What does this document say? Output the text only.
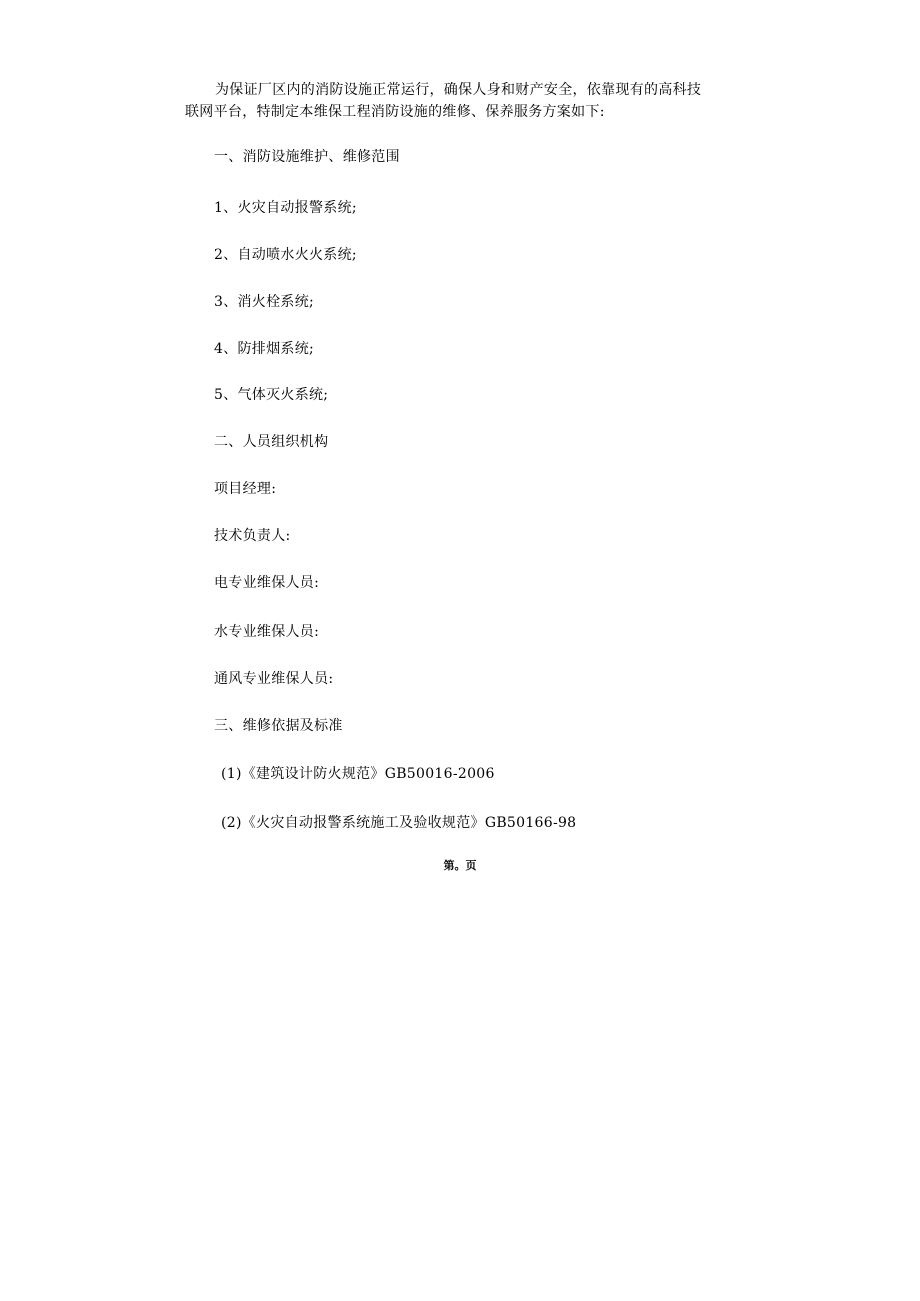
为保证厂区内的消防设施正常运行，确保人身和财产安全，依靠现有的高科技
联网平台，特制定本维保工程消防设施的维修、保养服务方案如下:
一、消防设施维护、维修范围
1、火灾自动报警系统;
2、自动喷水火火系统;
3、消火栓系统;
4、防排烟系统;
5、气体灭火系统;
二、人员组织机构
项目经理:
技术负责人:
电专业维保人员:
水专业维保人员:
通风专业维保人员:
三、维修依据及标准
(1)《建筑设计防火规范》GB50016-2006
(2)《火灾自动报警系统施工及验收规范》GB50166-98
第。页
